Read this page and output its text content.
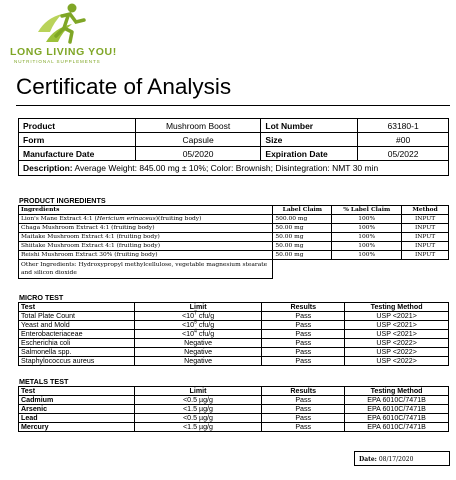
LONG LIVING YOU!
NUTRITIONAL SUPPLEMENTS
Certificate of Analysis
Product	Mushroom Boost	Lot Number	63180-1
Form	Capsule	Size	#00
Manufacture Date	05/2020	Expiration Date	05/2022
Description: Average Weight: 845.00 mg ± 10%; Color: Brownish; Disintegration: NMT 30 min			
PRODUCT INGREDIENTS
Ingredients	Label Claim	% Label Claim	Method
Lion's Mane Extract 4:1 (Hericium erinaceus)(fruiting body)	500.00 mg	100%	INPUT
Chaga Mushroom Extract 4:1 (fruiting body)	50.00 mg	100%	INPUT
Maitake Mushroom Extract 4:1 (fruiting body)	50.00 mg	100%	INPUT
Shiitake Mushroom Extract 4:1 (fruiting body)	50.00 mg	100%	INPUT
Reishi Mushroom Extract 30% (fruiting body)	50.00 mg	100%	INPUT
Other Ingredients: Hydroxypropyl methylcellulose, vegetable magnesium stearate and silicon dioxide			
MICRO TEST
Test	Limit	Results	Testing Method
Total Plate Count	$<10^7$ cfu/g	Pass	USP <2021>
Yeast and Mold	$<10^5$ cfu/g	Pass	USP <2021>
Enterobacteriaceae	$<10^4$ cfu/g	Pass	USP <2021>
Escherichia coli	Negative	Pass	USP <2022>
Salmonella spp.	Negative	Pass	USP <2022>
Staphylococcus aureus	Negative	Pass	USP <2022>
METALS TEST
Test	Limit	Results	Testing Method
Cadmium	<0.5 µg/g	Pass	EPA 6010C/7471B
Arsenic	<1.5 µg/g	Pass	EPA 6010C/7471B
Lead	<0.5 µg/g	Pass	EPA 6010C/7471B
Mercury	<1.5 µg/g	Pass	EPA 6010C/7471B
Date: 08/17/2020
